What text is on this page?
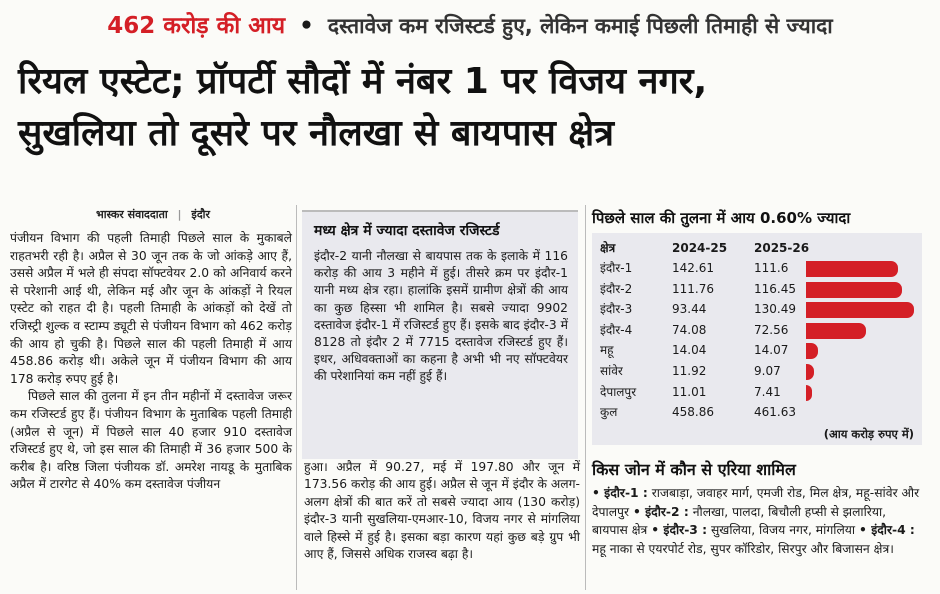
462 करोड़ की आय • दस्तावेज कम रजिस्टर्ड हुए, लेकिन कमाई पिछली तिमाही से ज्यादा
रियल एस्टेट; प्रॉपर्टी सौदों में नंबर 1 पर विजय नगर,
सुखलिया तो दूसरे पर नौलखा से बायपास क्षेत्र
भास्कर संवाददाता | इंदौर

पंजीयन विभाग की पहली तिमाही पिछले साल के मुकाबले राहतभरी रही है। अप्रैल से 30 जून तक के जो आंकड़े आए हैं, उससे अप्रैल में भले ही संपदा सॉफ्टवेयर 2.0 को अनिवार्य करने से परेशानी आई थी, लेकिन मई और जून के आंकड़ों ने रियल एस्टेट को राहत दी है। पहली तिमाही के आंकड़ों को देखें तो रजिस्ट्री शुल्क व स्टाम्प ड्यूटी से पंजीयन विभाग को 462 करोड़ की आय हो चुकी है। पिछले साल की पहली तिमाही में आय 458.86 करोड़ थी। अकेले जून में पंजीयन विभाग की आय 178 करोड़ रुपए हुई है।

पिछले साल की तुलना में इन तीन महीनों में दस्तावेज जरूर कम रजिस्टर्ड हुए हैं। पंजीयन विभाग के मुताबिक पहली तिमाही (अप्रैल से जून) में पिछले साल 40 हजार 910 दस्तावेज रजिस्टर्ड हुए थे, जो इस साल की तिमाही में 36 हजार 500 के करीब है। वरिष्ठ जिला पंजीयक डॉ. अमरेश नायडू के मुताबिक अप्रैल में टारगेट से 40% कम दस्तावेज पंजीयन

मध्य क्षेत्र में ज्यादा दस्तावेज रजिस्टर्ड
इंदौर-2 यानी नौलखा से बायपास तक के इलाके में 116 करोड़ की आय 3 महीने में हुई। तीसरे क्रम पर इंदौर-1 यानी मध्य क्षेत्र रहा। हालांकि इसमें ग्रामीण क्षेत्रों की आय का कुछ हिस्सा भी शामिल है। सबसे ज्यादा 9902 दस्तावेज इंदौर-1 में रजिस्टर्ड हुए हैं। इसके बाद इंदौर-3 में 8128 तो इंदौर 2 में 7715 दस्तावेज रजिस्टर्ड हुए हैं। इधर, अधिवक्ताओं का कहना है अभी भी नए सॉफ्टवेयर की परेशानियां कम नहीं हुई हैं।
हुआ। अप्रैल में 90.27, मई में 197.80 और जून में 173.56 करोड़ की आय हुई। अप्रैल से जून में इंदौर के अलग-अलग क्षेत्रों की बात करें तो सबसे ज्यादा आय (130 करोड़) इंदौर-3 यानी सुखलिया-एमआर-10, विजय नगर से मांगलिया वाले हिस्से में हुई है। इसका बड़ा कारण यहां कुछ बड़े ग्रुप भी आए हैं, जिससे अधिक राजस्व बढ़ा है।
पिछले साल की तुलना में आय 0.60% ज्यादा
क्षेत्र	2024-25 2025-26
इंदौर-1	142.61	111.6
इंदौर-2	111.76	116.45
इंदौर-3	93.44	130.49
इंदौर-4	74.08	72.56
महू	14.04	14.07
सांवेर	11.92	9.07
देपालपुर	11.01	7.41
कुल	458.86	461.63
(आय करोड़ रुपए में)
किस जोन में कौन से एरिया शामिल
• इंदौर-1 : राजबाड़ा, जवाहर मार्ग, एमजी रोड, मिल क्षेत्र, महू-सांवेर और देपालपुर • इंदौर-2 : नौलखा, पालदा, बिचौली हप्सी से झलारिया, बायपास क्षेत्र • इंदौर-3 : सुखलिया, विजय नगर, मांगलिया • इंदौर-4 : महू नाका से एयरपोर्ट रोड, सुपर कॉरिडोर, सिरपुर और बिजासन क्षेत्र।
